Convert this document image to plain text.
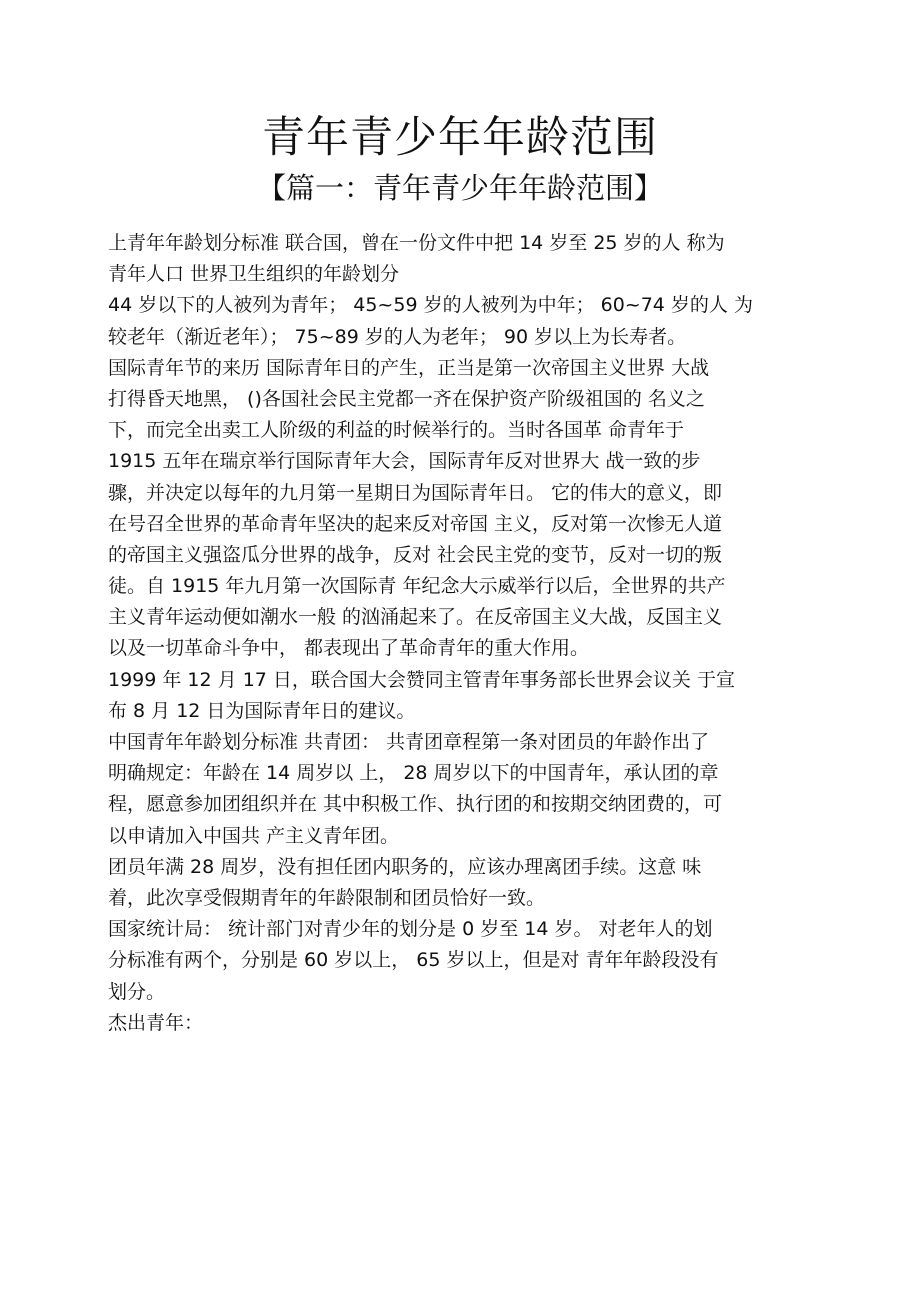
青年青少年年龄范围
【篇一：青年青少年年龄范围】

上青年年龄划分标准 联合国，曾在一份文件中把 14 岁至 25 岁的人 称为

青年人口 世界卫生组织的年龄划分

44 岁以下的人被列为青年； 45~59 岁的人被列为中年； 60~74 岁的人 为

较老年（渐近老年）； 75~89 岁的人为老年； 90 岁以上为长寿者。

国际青年节的来历 国际青年日的产生，正当是第一次帝国主义世界 大战

打得昏天地黑， ()各国社会民主党都一齐在保护资产阶级祖国的 名义之

下，而完全出卖工人阶级的利益的时候举行的。当时各国革 命青年于

1915 五年在瑞京举行国际青年大会，国际青年反对世界大 战一致的步

骤，并决定以每年的九月第一星期日为国际青年日。 它的伟大的意义，即

在号召全世界的革命青年坚决的起来反对帝国 主义，反对第一次惨无人道

的帝国主义强盗瓜分世界的战争，反对 社会民主党的变节，反对一切的叛

徒。自 1915 年九月第一次国际青 年纪念大示威举行以后，全世界的共产

主义青年运动便如潮水一般 的汹涌起来了。在反帝国主义大战，反国主义

以及一切革命斗争中， 都表现出了革命青年的重大作用。

1999 年 12 月 17 日，联合国大会赞同主管青年事务部长世界会议关 于宣

布 8 月 12 日为国际青年日的建议。

中国青年年龄划分标准 共青团： 共青团章程第一条对团员的年龄作出了

明确规定：年龄在 14 周岁以 上， 28 周岁以下的中国青年，承认团的章

程，愿意参加团组织并在 其中积极工作、执行团的和按期交纳团费的，可

以申请加入中国共 产主义青年团。

团员年满 28 周岁，没有担任团内职务的，应该办理离团手续。这意 味

着，此次享受假期青年的年龄限制和团员恰好一致。

国家统计局： 统计部门对青少年的划分是 0 岁至 14 岁。 对老年人的划

分标准有两个，分别是 60 岁以上， 65 岁以上，但是对 青年年龄段没有

划分。

杰出青年：
